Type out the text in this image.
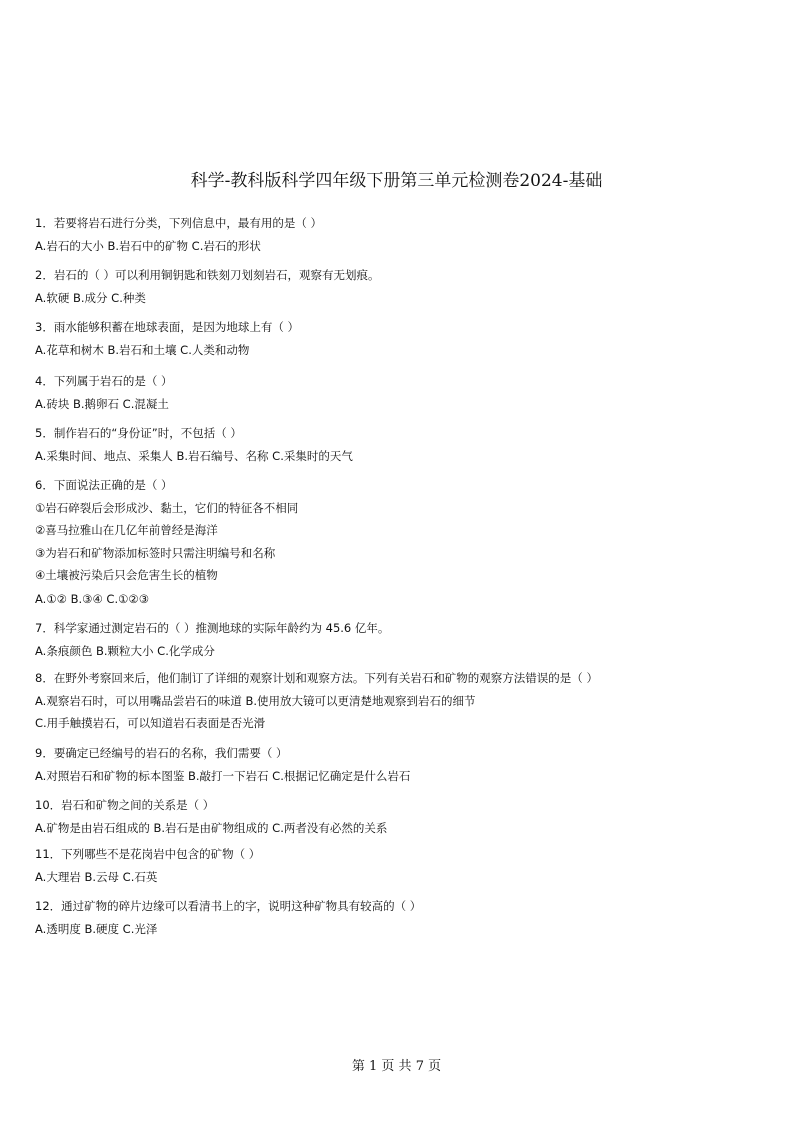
科学-教科版科学四年级下册第三单元检测卷2024-基础
1．若要将岩石进行分类，下列信息中，最有用的是（ ）
A.岩石的大小 B.岩石中的矿物 C.岩石的形状
2．岩石的（ ）可以利用铜钥匙和铁刻刀划刻岩石，观察有无划痕。
A.软硬 B.成分 C.种类
3．雨水能够积蓄在地球表面，是因为地球上有（ ）
A.花草和树木 B.岩石和土壤 C.人类和动物
4．下列属于岩石的是（ ）
A.砖块 B.鹅卵石 C.混凝土
5．制作岩石的“身份证”时，不包括（ ）
A.采集时间、地点、采集人 B.岩石编号、名称 C.采集时的天气
6．下面说法正确的是（ ）
①岩石碎裂后会形成沙、黏土，它们的特征各不相同
②喜马拉雅山在几亿年前曾经是海洋
③为岩石和矿物添加标签时只需注明编号和名称
④土壤被污染后只会危害生长的植物
A.①② B.③④ C.①②③
7．科学家通过测定岩石的（ ）推测地球的实际年龄约为 45.6 亿年。
A.条痕颜色 B.颗粒大小 C.化学成分
8．在野外考察回来后，他们制订了详细的观察计划和观察方法。下列有关岩石和矿物的观察方法错误的是（ ）
A.观察岩石时，可以用嘴品尝岩石的味道 B.使用放大镜可以更清楚地观察到岩石的细节
C.用手触摸岩石，可以知道岩石表面是否光滑
9．要确定已经编号的岩石的名称，我们需要（ ）
A.对照岩石和矿物的标本图鉴 B.敲打一下岩石 C.根据记忆确定是什么岩石
10．岩石和矿物之间的关系是（ ）
A.矿物是由岩石组成的 B.岩石是由矿物组成的 C.两者没有必然的关系
11．下列哪些不是花岗岩中包含的矿物（ ）
A.大理岩 B.云母 C.石英
12．通过矿物的碎片边缘可以看清书上的字，说明这种矿物具有较高的（ ）
A.透明度 B.硬度 C.光泽
第 1 页 共 7 页
